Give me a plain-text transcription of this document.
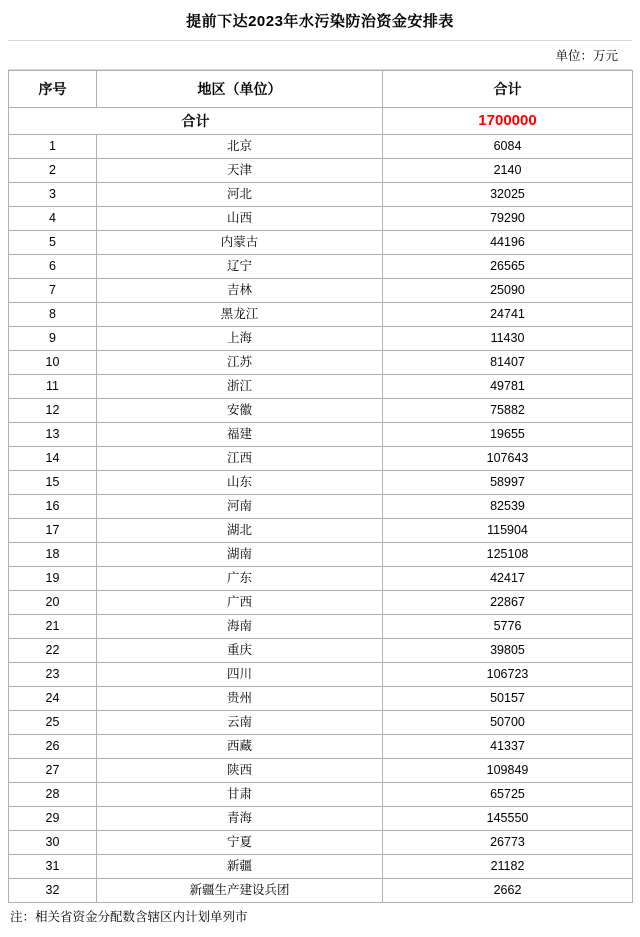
提前下达2023年水污染防治资金安排表
单位：万元
序号	地区（单位）	合计
合计		1700000
1	北京	6084
2	天津	2140
3	河北	32025
4	山西	79290
5	内蒙古	44196
6	辽宁	26565
7	吉林	25090
8	黑龙江	24741
9	上海	11430
10	江苏	81407
11	浙江	49781
12	安徽	75882
13	福建	19655
14	江西	107643
15	山东	58997
16	河南	82539
17	湖北	115904
18	湖南	125108
19	广东	42417
20	广西	22867
21	海南	5776
22	重庆	39805
23	四川	106723
24	贵州	50157
25	云南	50700
26	西藏	41337
27	陕西	109849
28	甘肃	65725
29	青海	145550
30	宁夏	26773
31	新疆	21182
32	新疆生产建设兵团	2662
注：相关省资金分配数含辖区内计划单列市
